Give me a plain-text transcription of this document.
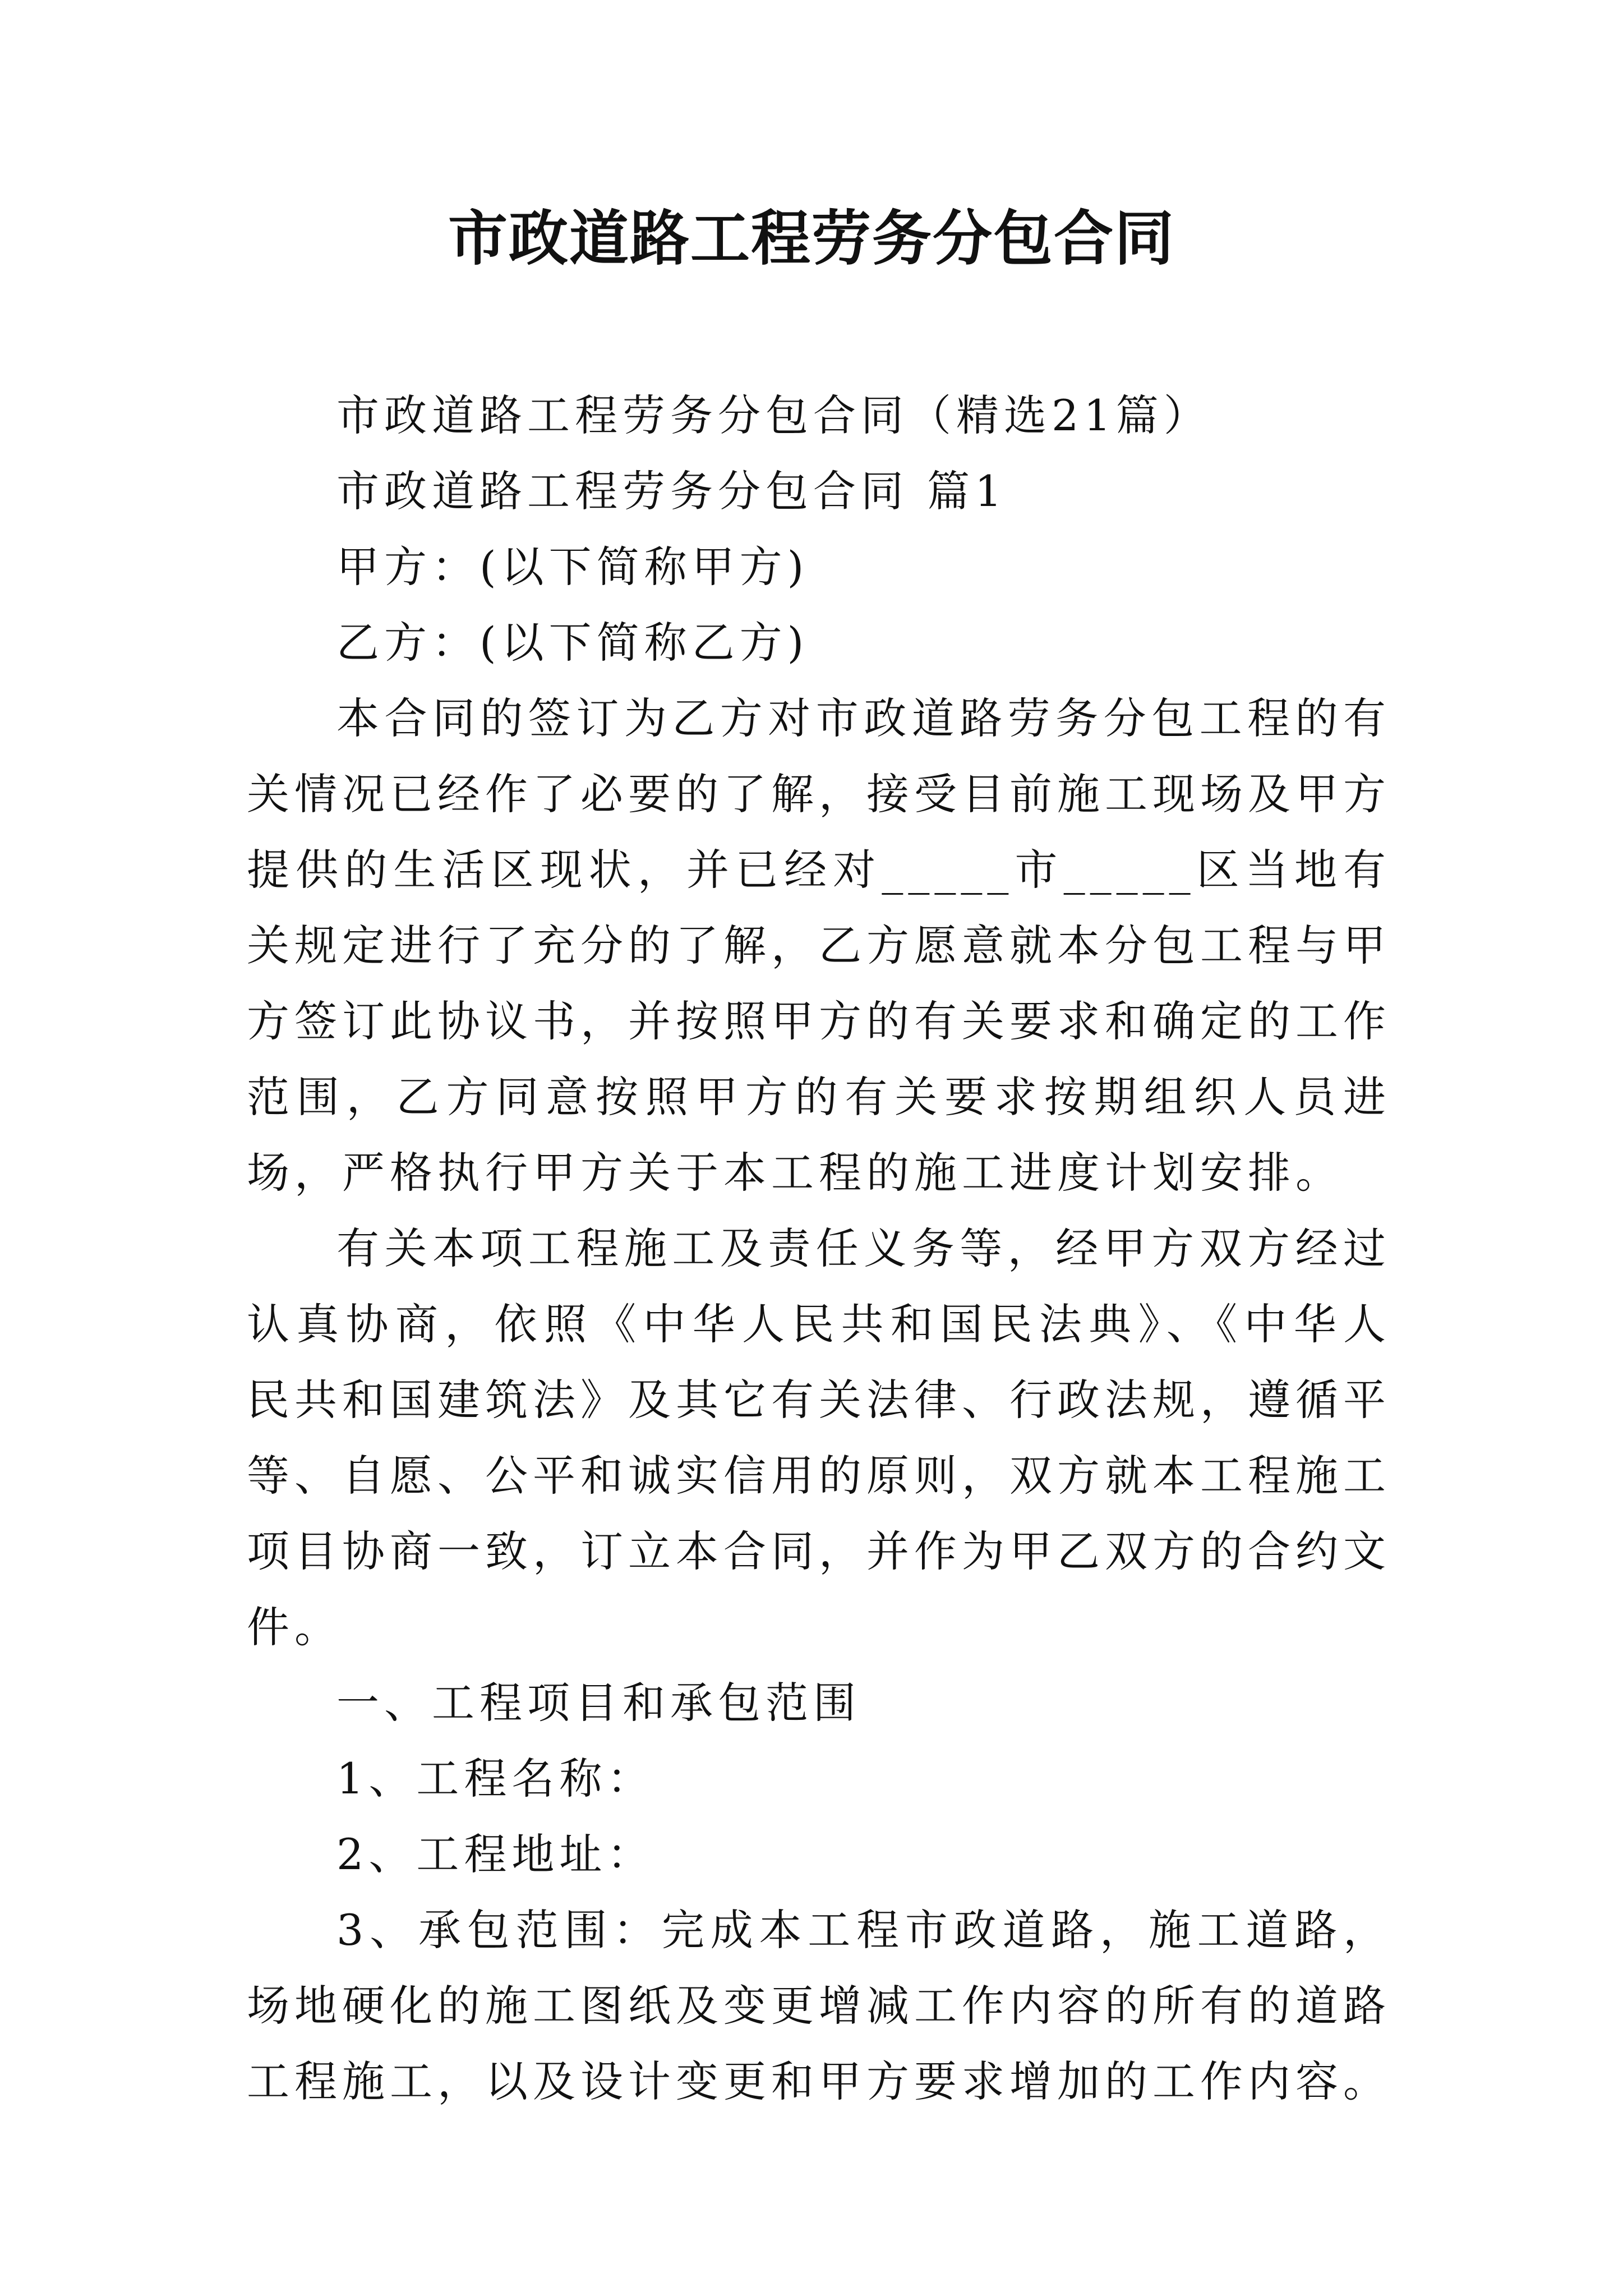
市政道路工程劳务分包合同

市政道路工程劳务分包合同（精选21篇）

市政道路工程劳务分包合同 篇1

甲方：(以下简称甲方)

乙方：(以下简称乙方)

本合同的签订为乙方对市政道路劳务分包工程的有关情况已经作了必要的了解，接受目前施工现场及甲方提供的生活区现状，并已经对_____市_____区当地有关规定进行了充分的了解，乙方愿意就本分包工程与甲方签订此协议书，并按照甲方的有关要求和确定的工作范围，乙方同意按照甲方的有关要求按期组织人员进场，严格执行甲方关于本工程的施工进度计划安排。

有关本项工程施工及责任义务等，经甲方双方经过认真协商，依照《中华人民共和国民法典》、《中华人民共和国建筑法》及其它有关法律、行政法规，遵循平等、自愿、公平和诚实信用的原则，双方就本工程施工项目协商一致，订立本合同，并作为甲乙双方的合约文件。

一、工程项目和承包范围

1、工程名称：

2、工程地址：

3、承包范围：完成本工程市政道路，施工道路，场地硬化的施工图纸及变更增减工作内容的所有的道路工程施工，以及设计变更和甲方要求增加的工作内容。
